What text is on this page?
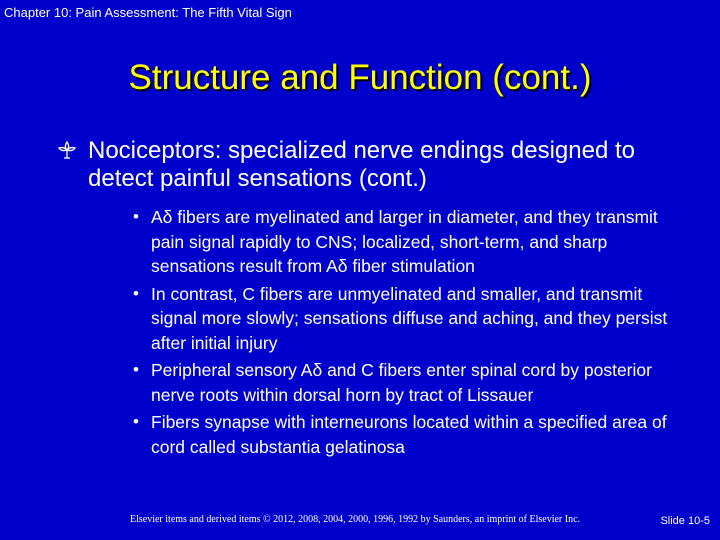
Chapter 10: Pain Assessment: The Fifth Vital Sign
Structure and Function (cont.)
Nociceptors: specialized nerve endings designed to detect painful sensations (cont.)
• Aδ fibers are myelinated and larger in diameter, and they transmit pain signal rapidly to CNS; localized, short-term, and sharp sensations result from Aδ fiber stimulation
• In contrast, C fibers are unmyelinated and smaller, and transmit signal more slowly; sensations diffuse and aching, and they persist after initial injury
• Peripheral sensory Aδ and C fibers enter spinal cord by posterior nerve roots within dorsal horn by tract of Lissauer
• Fibers synapse with interneurons located within a specified area of cord called substantia gelatinosa
Elsevier items and derived items © 2012, 2008, 2004, 2000, 1996, 1992 by Saunders, an imprint of Elsevier Inc.	Slide 10-5
